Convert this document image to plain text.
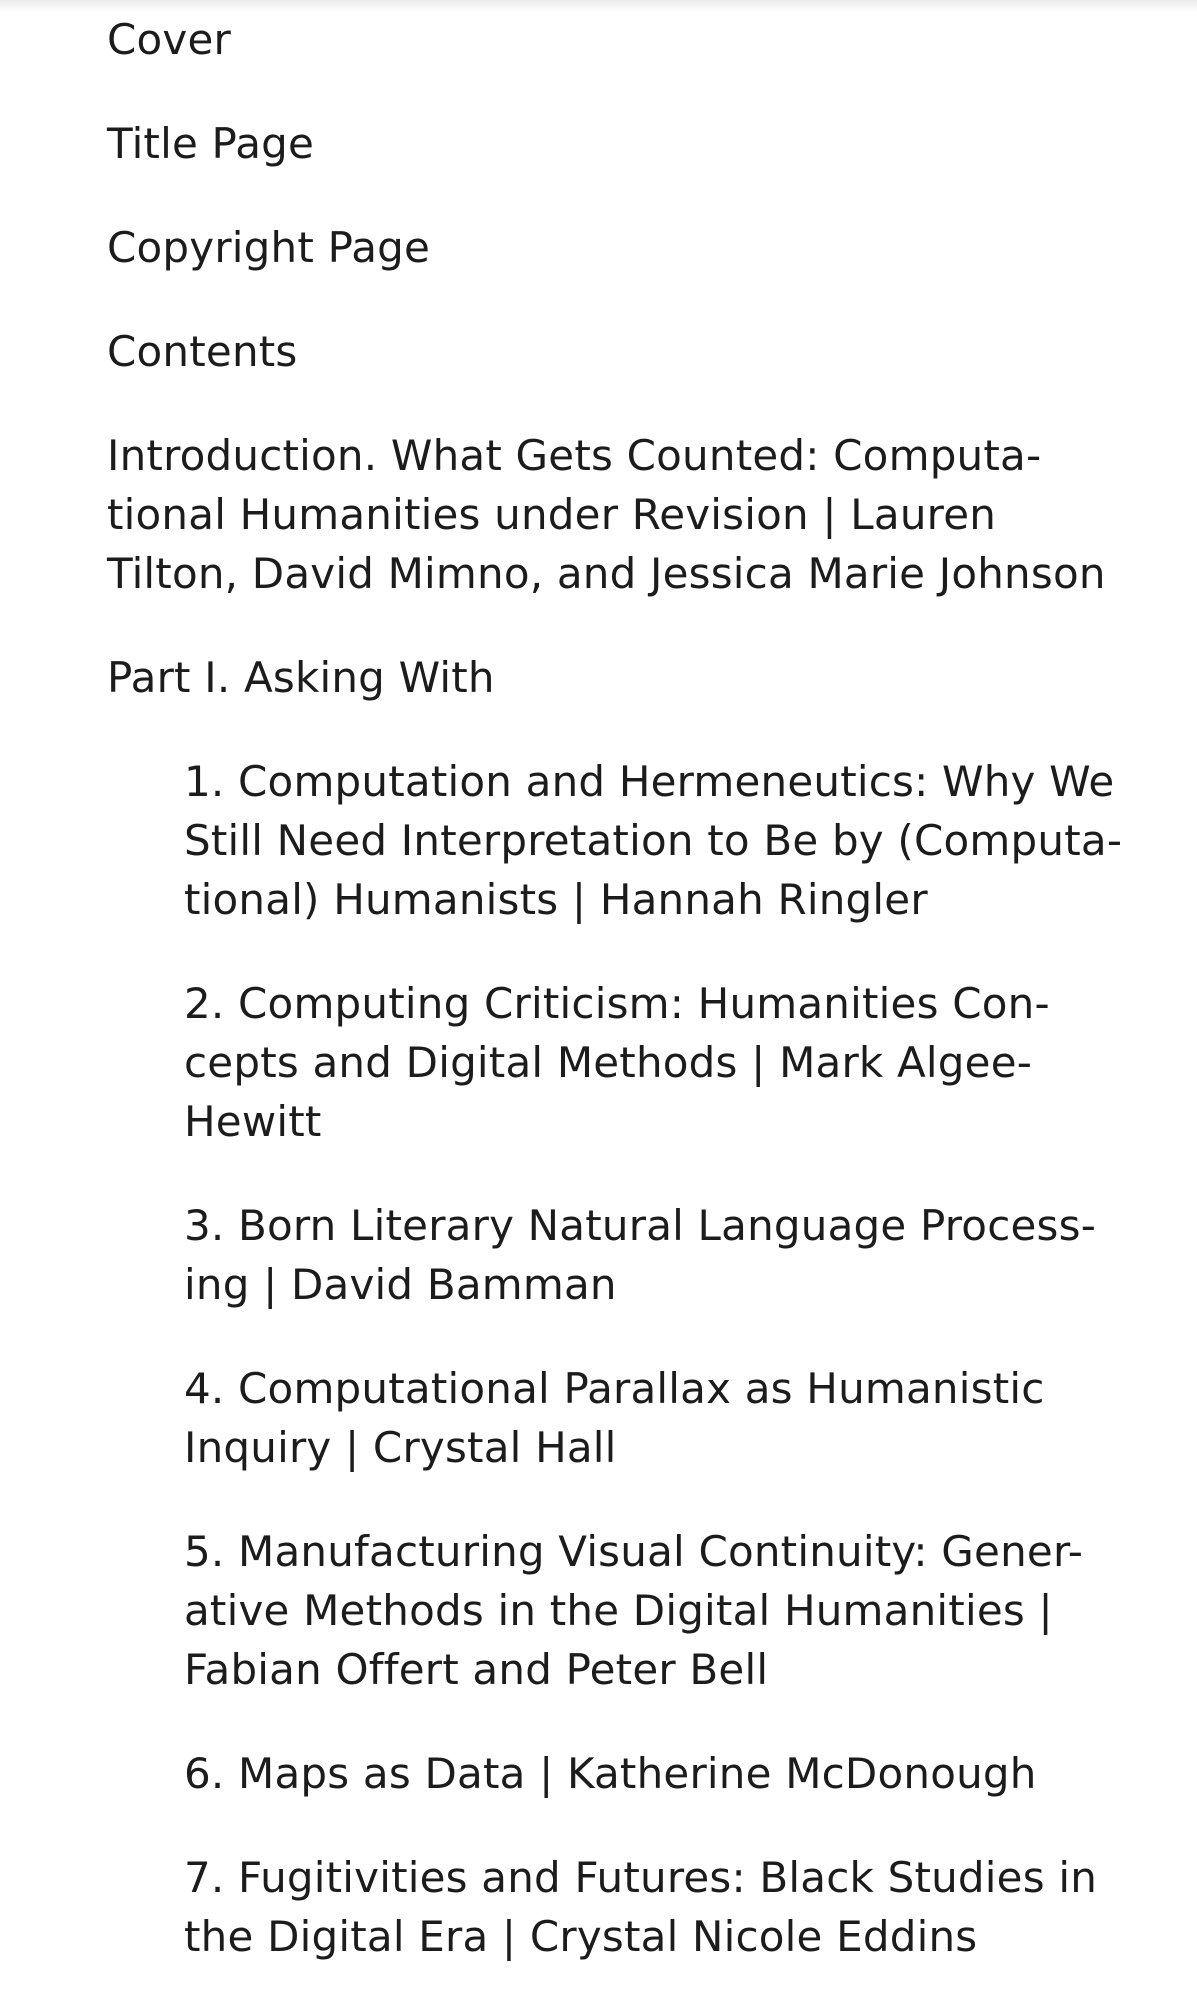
Cover
Title Page
Copyright Page
Contents
Introduction. What Gets Counted: Computa-
tional Humanities under Revision | Lauren
Tilton, David Mimno, and Jessica Marie Johnson
Part I. Asking With
1. Computation and Hermeneutics: Why We
Still Need Interpretation to Be by (Computa-
tional) Humanists | Hannah Ringler
2. Computing Criticism: Humanities Con-
cepts and Digital Methods | Mark Algee-
Hewitt
3. Born Literary Natural Language Process-
ing | David Bamman
4. Computational Parallax as Humanistic
Inquiry | Crystal Hall
5. Manufacturing Visual Continuity: Gener-
ative Methods in the Digital Humanities |
Fabian Offert and Peter Bell
6. Maps as Data | Katherine McDonough
7. Fugitivities and Futures: Black Studies in
the Digital Era | Crystal Nicole Eddins
